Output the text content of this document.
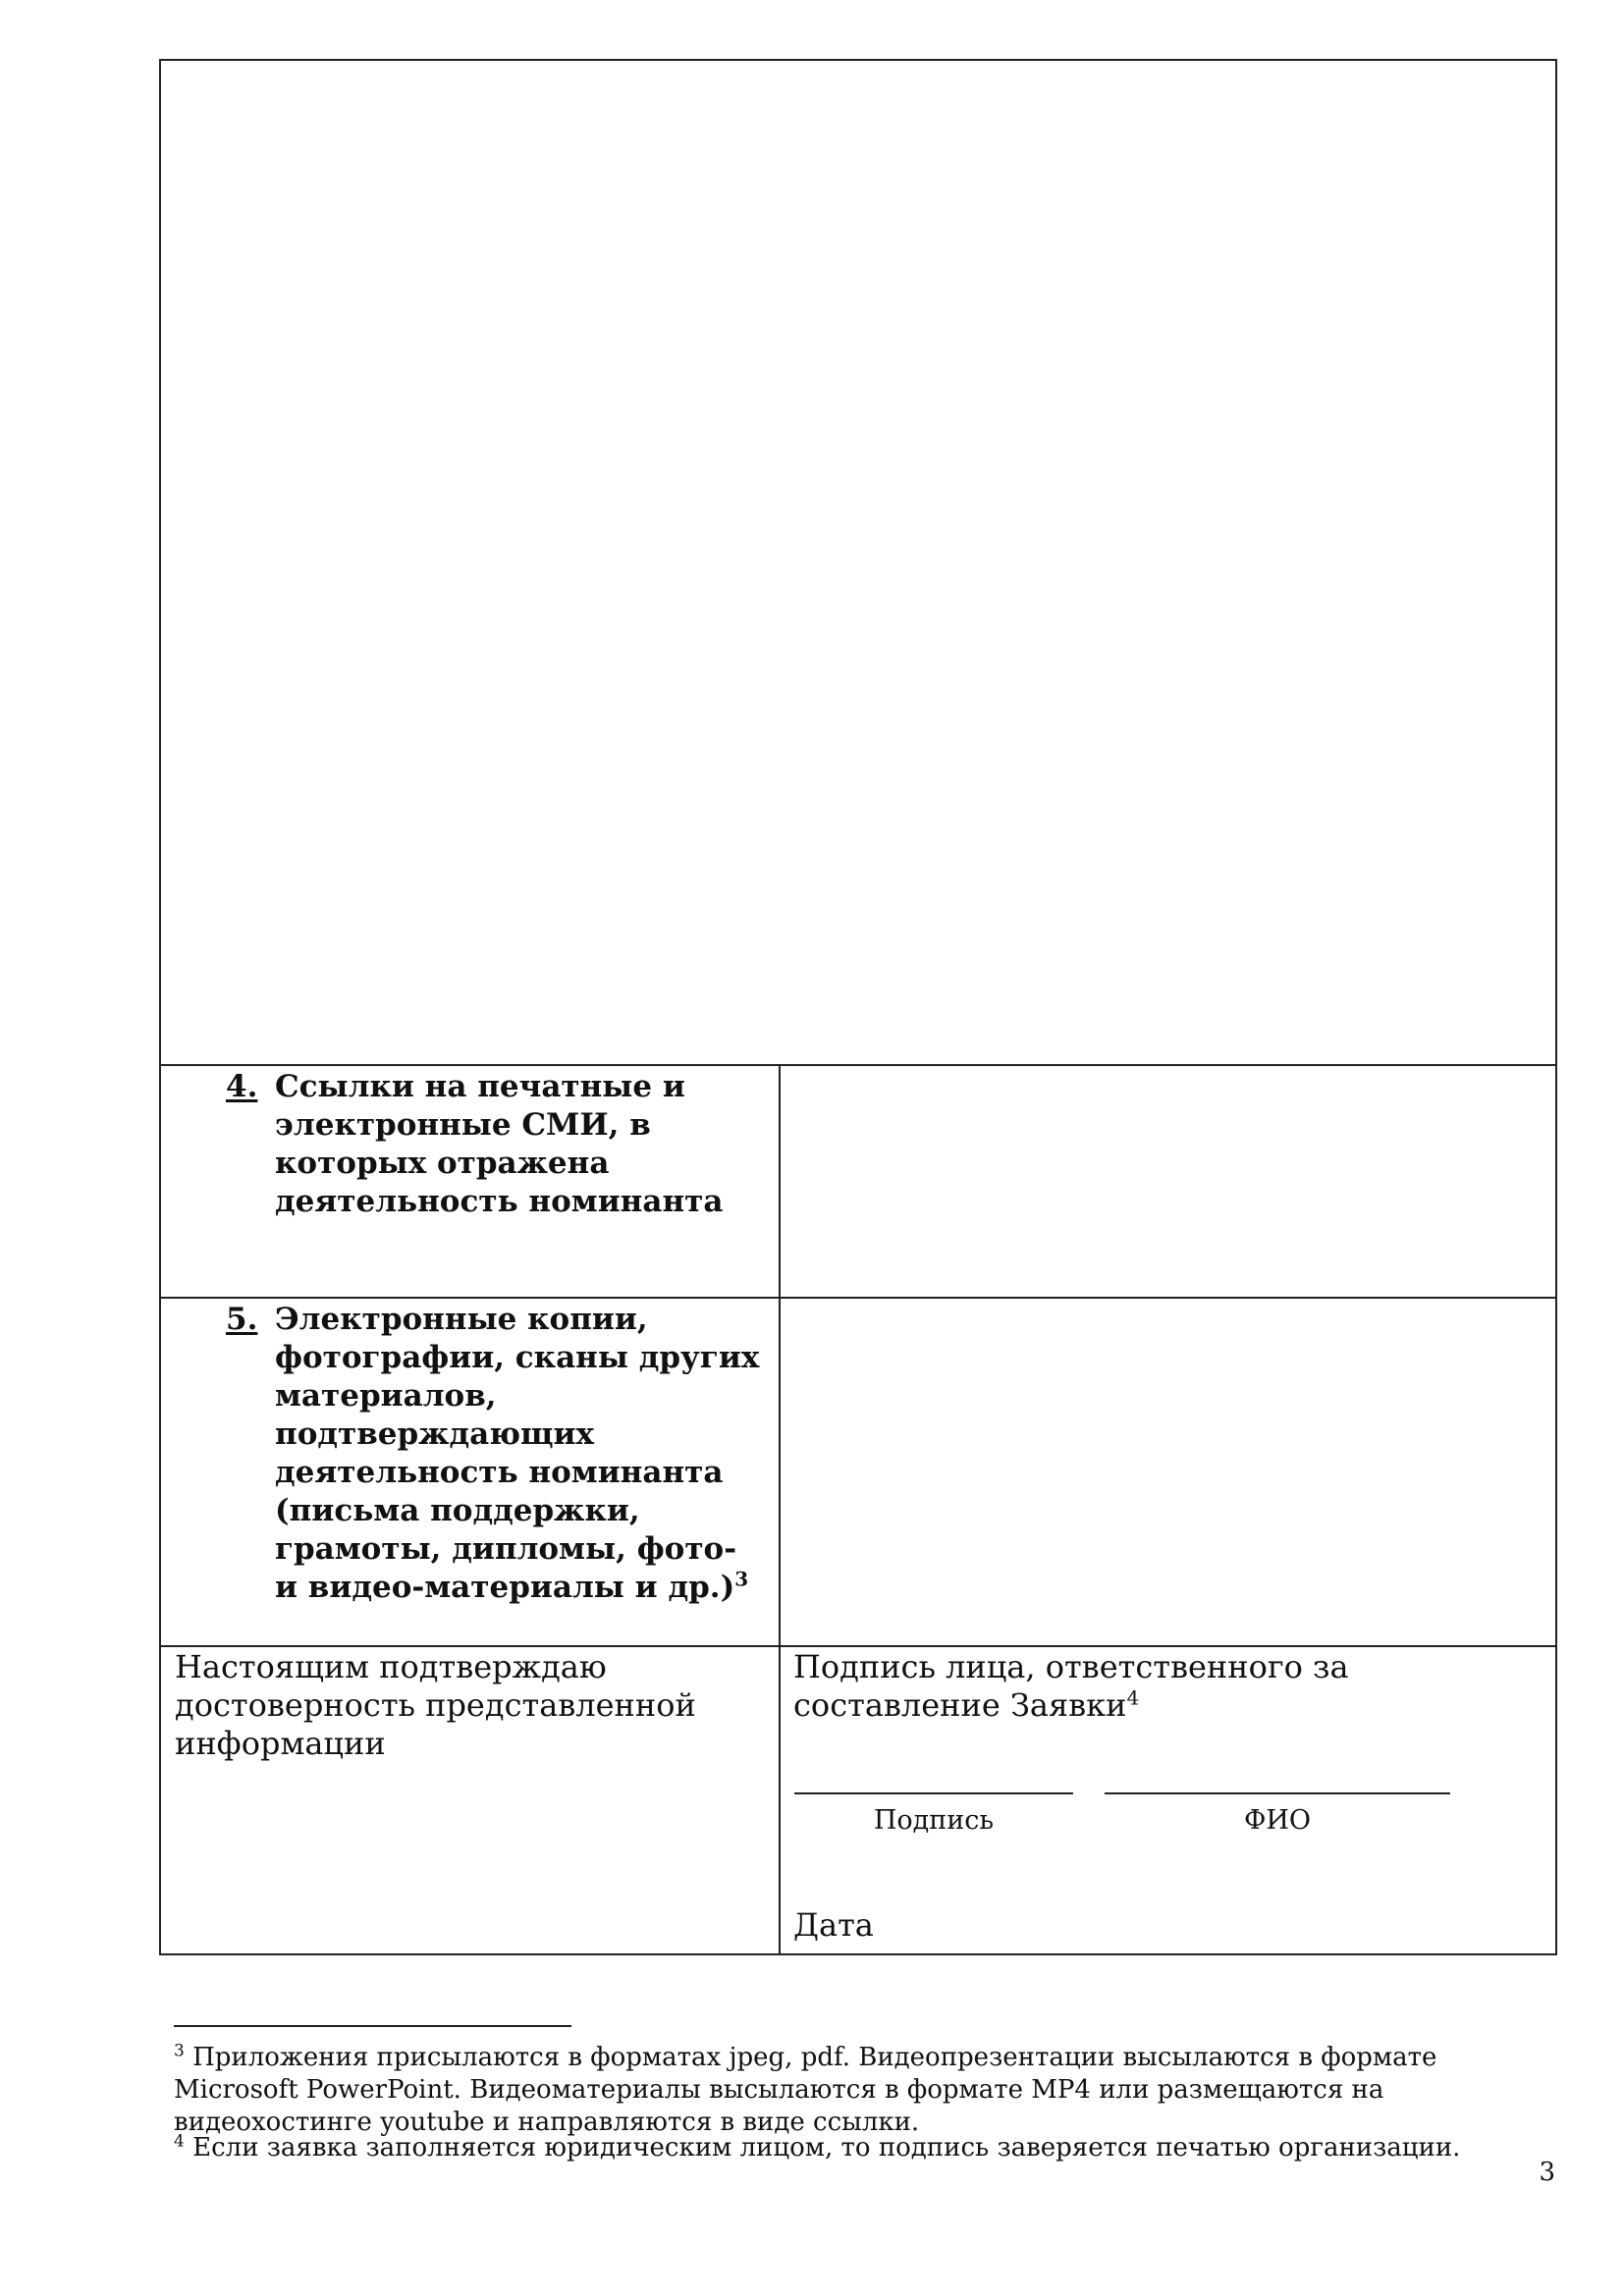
4. Ссылки на печатные и электронные СМИ, в которых отражена деятельность номинанта
5. Электронные копии, фотографии, сканы других материалов, подтверждающих деятельность номинанта (письма поддержки, грамоты, дипломы, фото- и видео-материалы и др.)$^3$
Настоящим подтверждаю достоверность представленной информации
Подпись лица, ответственного за составление Заявки$^4$
Подпись	ФИО
Дата
$^3$ Приложения присылаются в форматах jpeg, pdf. Видеопрезентации высылаются в формате Microsoft PowerPoint. Видеоматериалы высылаются в формате MP4 или размещаются на видеохостинге youtube и направляются в виде ссылки.
$^4$ Если заявка заполняется юридическим лицом, то подпись заверяется печатью организации.
3
